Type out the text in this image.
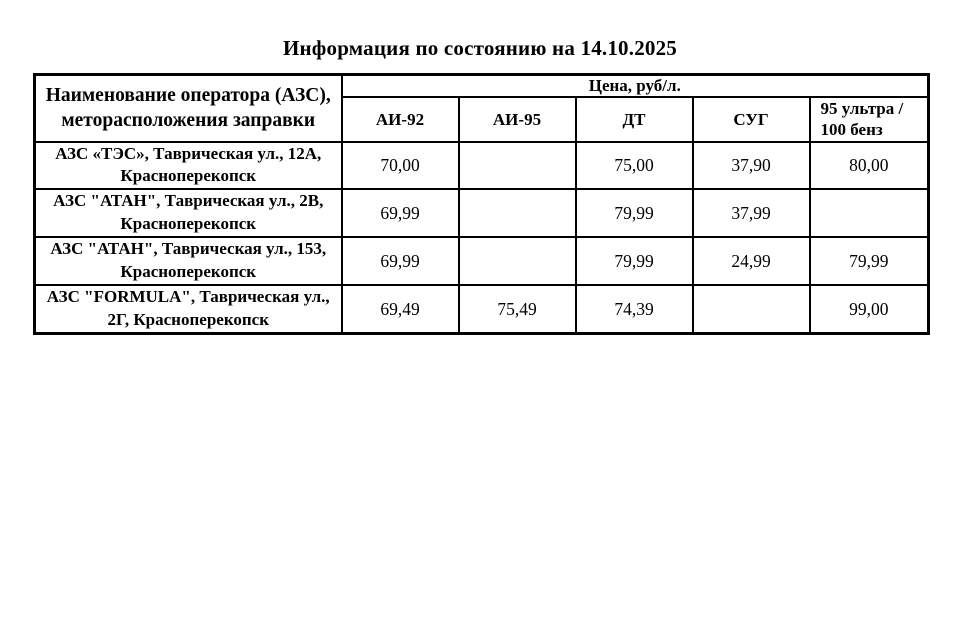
Информация по состоянию на 14.10.2025
Наименование оператора (АЗС), меторасположения заправки	Цена, руб/л.				
	АИ-92	АИ-95	ДТ	СУГ	95 ультра / 100 бенз
АЗС «ТЭС», Таврическая ул., 12А, Красноперекопск	70,00		75,00	37,90	80,00
АЗС "АТАН", Таврическая ул., 2В, Красноперекопск	69,99		79,99	37,99	
АЗС "АТАН", Таврическая ул., 153, Красноперекопск	69,99		79,99	24,99	79,99
АЗС "FORMULA", Таврическая ул., 2Г, Красноперекопск	69,49	75,49	74,39		99,00
